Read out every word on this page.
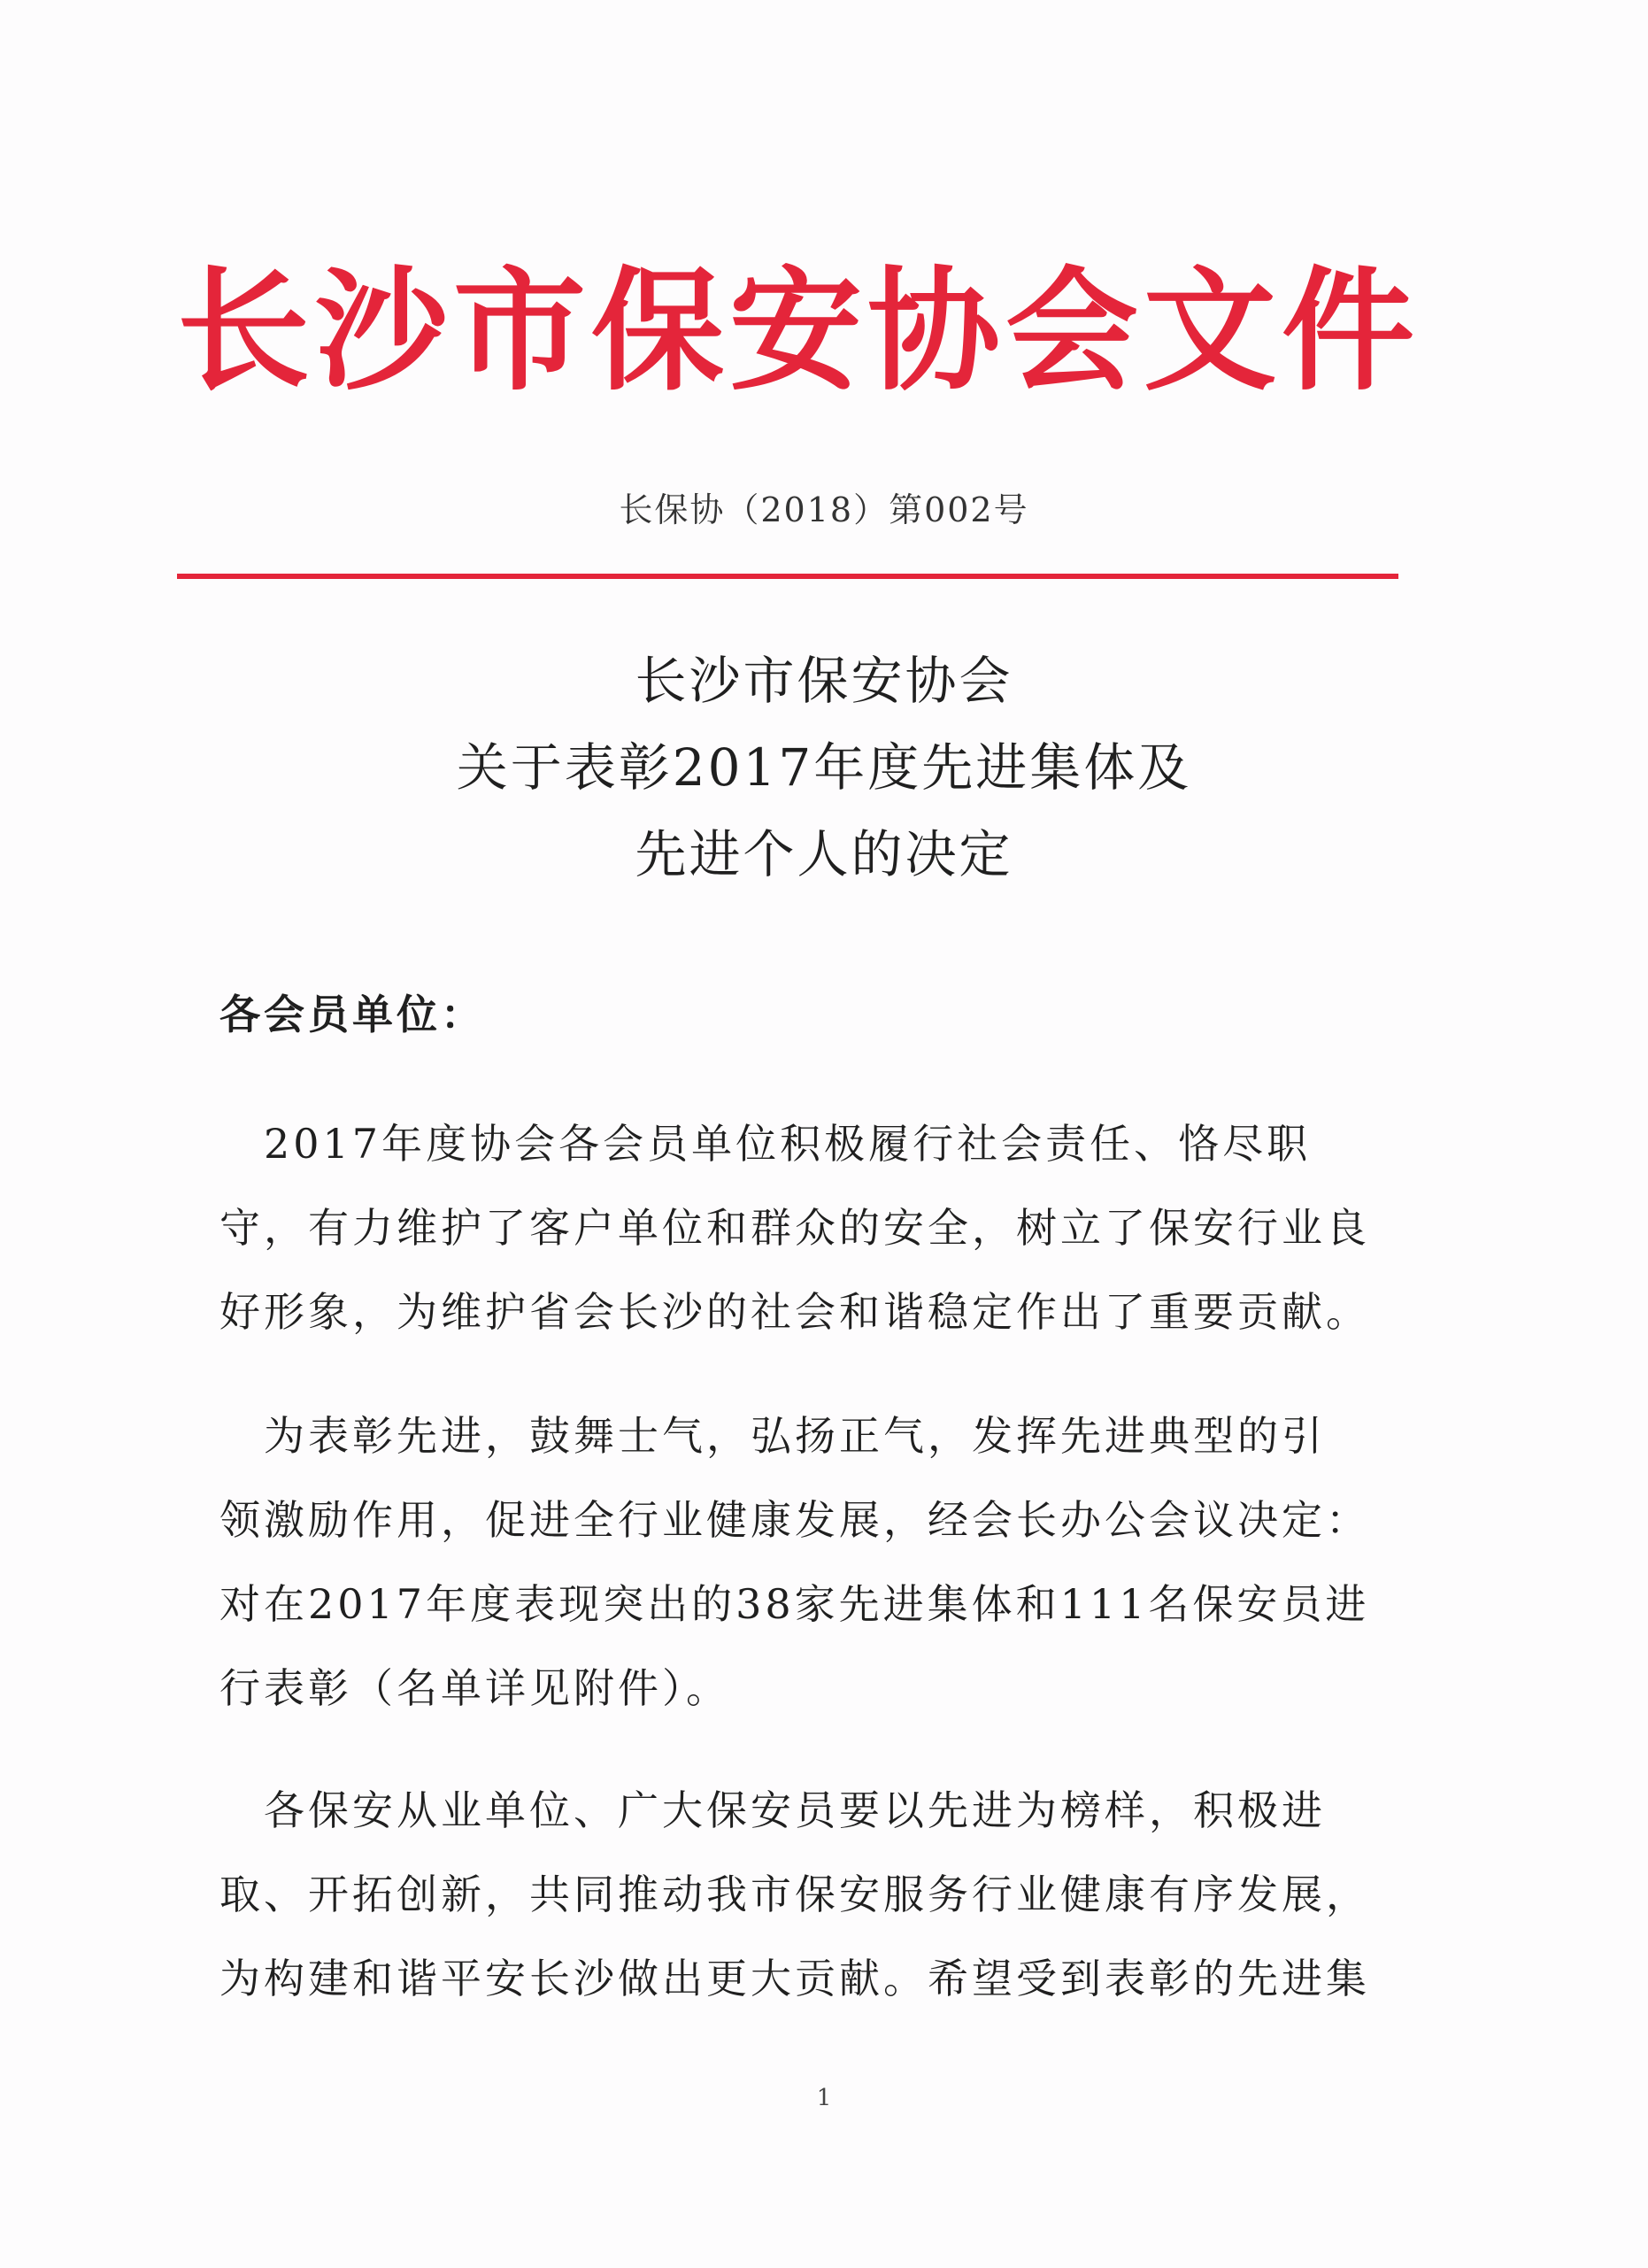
长沙市保安协会文件
长保协（2018）第002号
长沙市保安协会
关于表彰2017年度先进集体及
先进个人的决定
各会员单位：
　2017年度协会各会员单位积极履行社会责任、恪尽职
守，有力维护了客户单位和群众的安全，树立了保安行业良
好形象，为维护省会长沙的社会和谐稳定作出了重要贡献。
　为表彰先进，鼓舞士气，弘扬正气，发挥先进典型的引
领激励作用，促进全行业健康发展，经会长办公会议决定：
对在2017年度表现突出的38家先进集体和111名保安员进
行表彰（名单详见附件）。
　各保安从业单位、广大保安员要以先进为榜样，积极进
取、开拓创新，共同推动我市保安服务行业健康有序发展，
为构建和谐平安长沙做出更大贡献。希望受到表彰的先进集
1
